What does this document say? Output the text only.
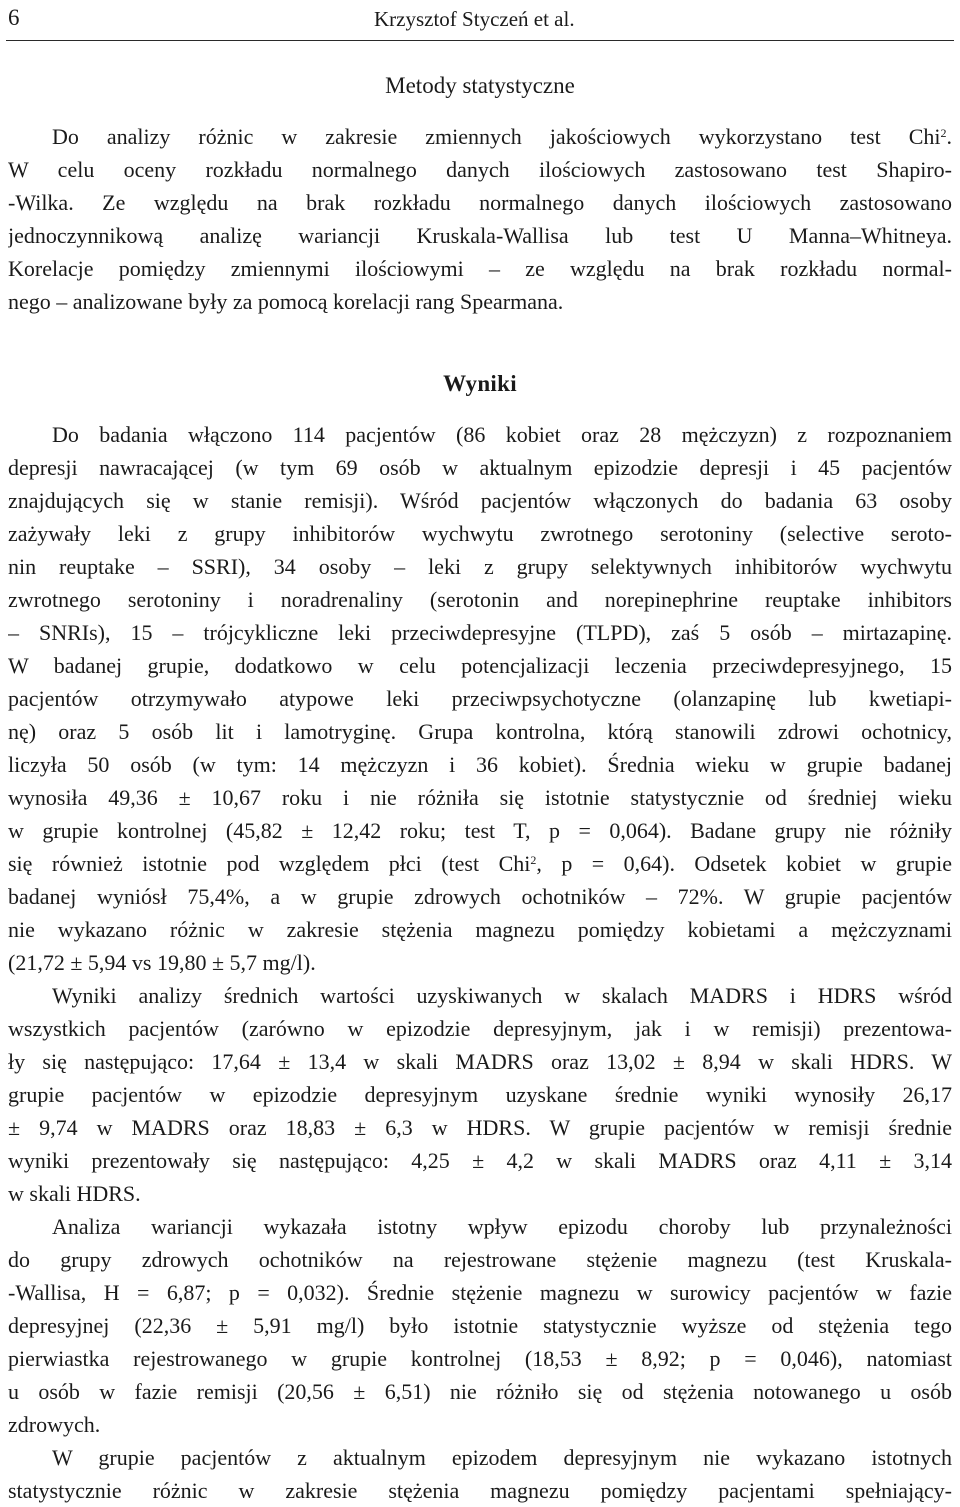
6	Krzysztof Styczeń et al.
Metody statystyczne
Do analizy różnic w zakresie zmiennych jakościowych wykorzystano test Chi$^2$.
W celu oceny rozkładu normalnego danych ilościowych zastosowano test Shapiro-
-Wilka. Ze względu na brak rozkładu normalnego danych ilościowych zastosowano
jednoczynnikową analizę wariancji Kruskala-Wallisa lub test U Manna–Whitneya.
Korelacje pomiędzy zmiennymi ilościowymi – ze względu na brak rozkładu normal-
nego – analizowane były za pomocą korelacji rang Spearmana.
Wyniki
Do badania włączono 114 pacjentów (86 kobiet oraz 28 mężczyzn) z rozpoznaniem
depresji nawracającej (w tym 69 osób w aktualnym epizodzie depresji i 45 pacjentów
znajdujących się w stanie remisji). Wśród pacjentów włączonych do badania 63 osoby
zażywały leki z grupy inhibitorów wychwytu zwrotnego serotoniny (selective seroto-
nin reuptake – SSRI), 34 osoby – leki z grupy selektywnych inhibitorów wychwytu
zwrotnego serotoniny i noradrenaliny (serotonin and norepinephrine reuptake inhibitors
– SNRIs), 15 – trójcykliczne leki przeciwdepresyjne (TLPD), zaś 5 osób – mirtazapinę.
W badanej grupie, dodatkowo w celu potencjalizacji leczenia przeciwdepresyjnego, 15
pacjentów otrzymywało atypowe leki przeciwpsychotyczne (olanzapinę lub kwetiapi-
nę) oraz 5 osób lit i lamotryginę. Grupa kontrolna, którą stanowili zdrowi ochotnicy,
liczyła 50 osób (w tym: 14 mężczyzn i 36 kobiet). Średnia wieku w grupie badanej
wynosiła 49,36 ± 10,67 roku i nie różniła się istotnie statystycznie od średniej wieku
w grupie kontrolnej (45,82 ± 12,42 roku; test T, p = 0,064). Badane grupy nie różniły
się również istotnie pod względem płci (test Chi$^2$, p = 0,64). Odsetek kobiet w grupie
badanej wyniósł 75,4%, a w grupie zdrowych ochotników – 72%. W grupie pacjentów
nie wykazano różnic w zakresie stężenia magnezu pomiędzy kobietami a mężczyznami
(21,72 ± 5,94 vs 19,80 ± 5,7 mg/l).
Wyniki analizy średnich wartości uzyskiwanych w skalach MADRS i HDRS wśród
wszystkich pacjentów (zarówno w epizodzie depresyjnym, jak i w remisji) prezentowa-
ły się następująco: 17,64 ± 13,4 w skali MADRS oraz 13,02 ± 8,94 w skali HDRS. W
grupie pacjentów w epizodzie depresyjnym uzyskane średnie wyniki wynosiły 26,17
± 9,74 w MADRS oraz 18,83 ± 6,3 w HDRS. W grupie pacjentów w remisji średnie
wyniki prezentowały się następująco: 4,25 ± 4,2 w skali MADRS oraz 4,11 ± 3,14
w skali HDRS.
Analiza wariancji wykazała istotny wpływ epizodu choroby lub przynależności
do grupy zdrowych ochotników na rejestrowane stężenie magnezu (test Kruskala-
-Wallisa, H = 6,87; p = 0,032). Średnie stężenie magnezu w surowicy pacjentów w fazie
depresyjnej (22,36 ± 5,91 mg/l) było istotnie statystycznie wyższe od stężenia tego
pierwiastka rejestrowanego w grupie kontrolnej (18,53 ± 8,92; p = 0,046), natomiast
u osób w fazie remisji (20,56 ± 6,51) nie różniło się od stężenia notowanego u osób
zdrowych.
W grupie pacjentów z aktualnym epizodem depresyjnym nie wykazano istotnych
statystycznie różnic w zakresie stężenia magnezu pomiędzy pacjentami spełniający-
